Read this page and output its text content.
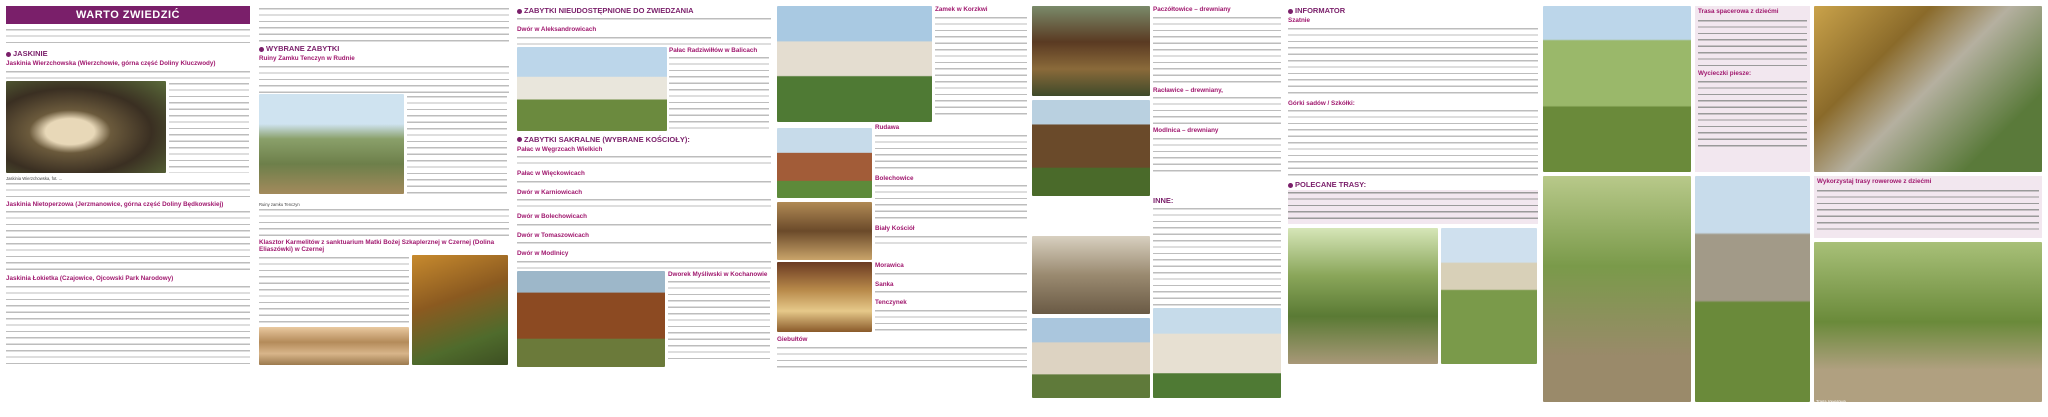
WARTO ZWIEDZIĆ
JASKINIE
Jaskinia Wierzchowska (Wierzchowie, górna część Doliny Kluczwody)
Jaskinia Wierzchowska, fot. ...
Jaskinia Nietoperzowa (Jerzmanowice, górna część Doliny Będkowskiej)
Jaskinia Łokietka (Czajowice, Ojcowski Park Narodowy)
WYBRANE ZABYTKI
Ruiny Zamku Tenczyn w Rudnie
Ruiny zamku Tenczyn
Klasztor Karmelitów z sanktuarium Matki Bożej Szkaplerznej w Czernej (Dolina Eliaszówki) w Czernej
ZABYTKI NIEUDOSTĘPNIONE DO ZWIEDZANIA
Dwór w Aleksandrowicach
Pałac Radziwiłłów w Balicach
ZABYTKI SAKRALNE (WYBRANE KOŚCIOŁY):
Pałac w Węgrzcach Wielkich
Pałac w Więckowicach
Dwór w Karniowicach
Dwór w Bolechowicach
Dwór w Tomaszowicach
Dwór w Modlnicy
Dworek Myśliwski w Kochanowie
Zamek w Korzkwi
Rudawa
Bolechowice
Biały Kościół
Morawica
Sanka
Tenczynek
Giebułtów
Paczółtowice – drewniany
Racławice – drewniany,
Modlnica – drewniany
INNE:
INFORMATOR
Szatnie
Górki sadów / Szkółki:
POLECANE TRASY:
Trasa spacerowa z dziećmi
Wycieczki piesze:
Wykorzystaj trasy rowerowe z dziećmi
Trasa rowerowa
